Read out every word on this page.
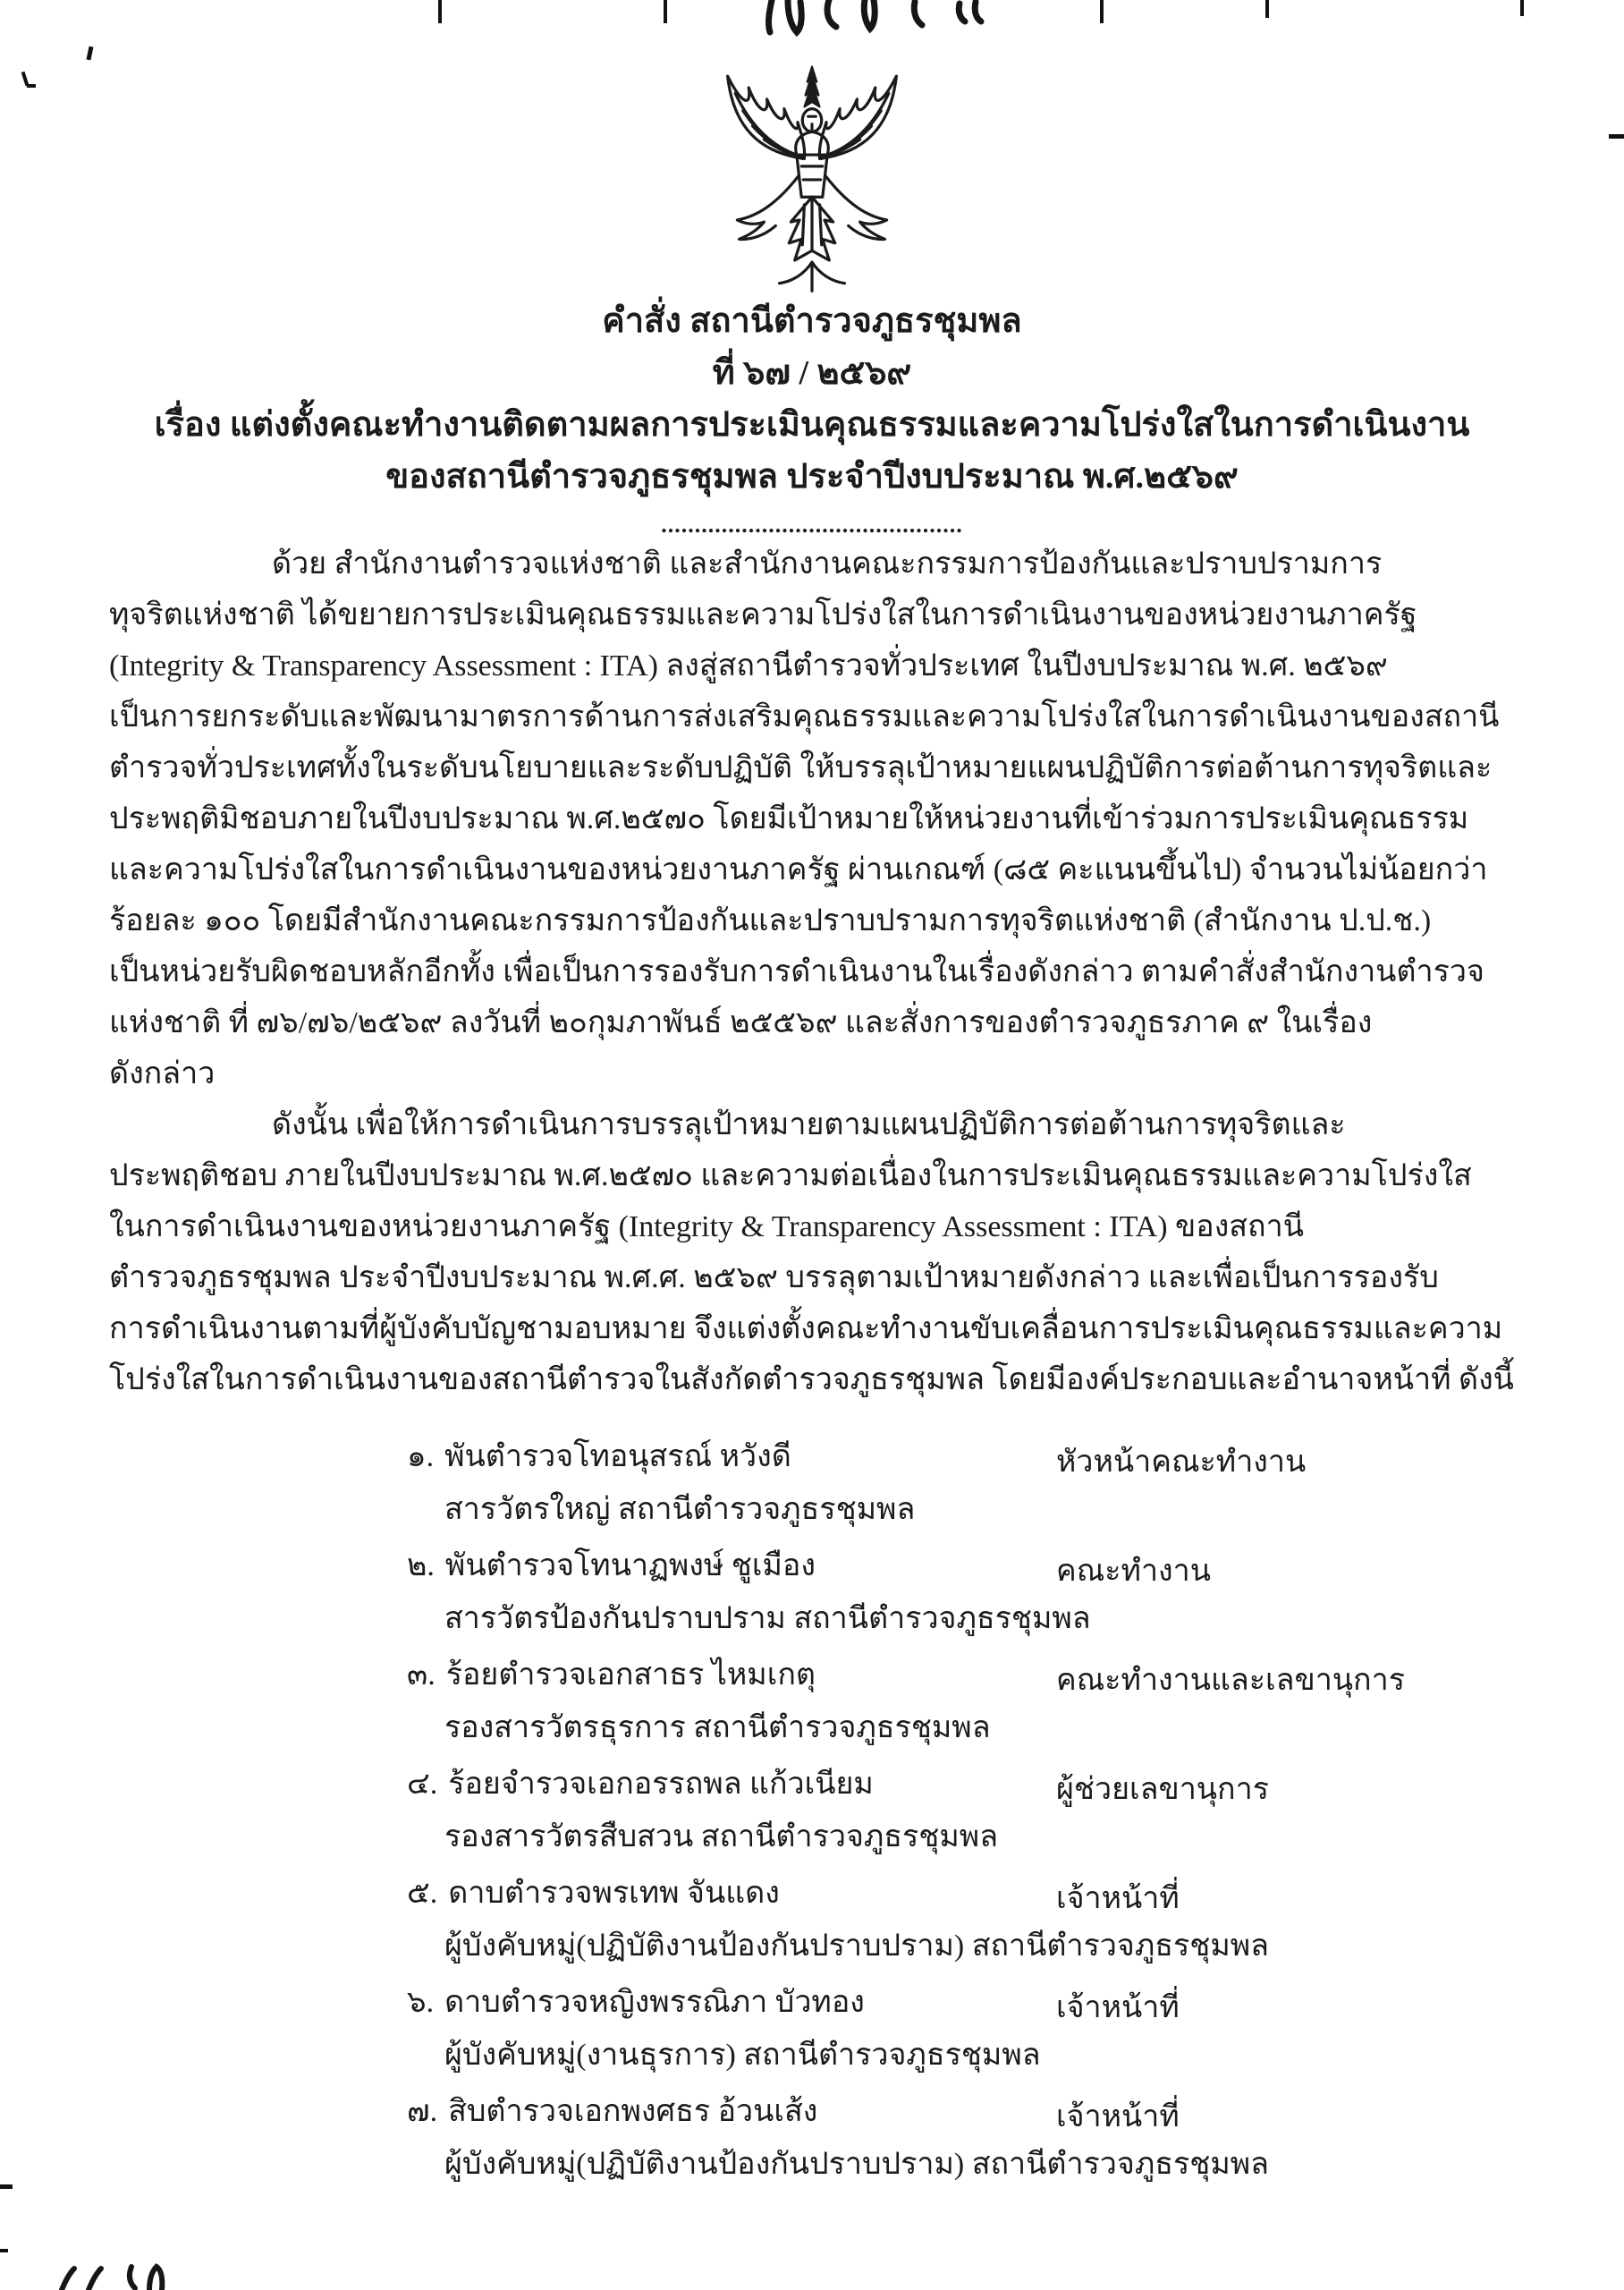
คำสั่ง สถานีตำรวจภูธรชุมพล
ที่ ๖๗ / ๒๕๖๙
เรื่อง แต่งตั้งคณะทำงานติดตามผลการประเมินคุณธรรมและความโปร่งใสในการดำเนินงาน
ของสถานีตำรวจภูธรชุมพล ประจำปีงบประมาณ พ.ศ.๒๕๖๙
.............................................
ด้วย สำนักงานตำรวจแห่งชาติ และสำนักงานคณะกรรมการป้องกันและปราบปรามการ
ทุจริตแห่งชาติ ได้ขยายการประเมินคุณธรรมและความโปร่งใสในการดำเนินงานของหน่วยงานภาครัฐ
(Integrity & Transparency Assessment : ITA) ลงสู่สถานีตำรวจทั่วประเทศ ในปีงบประมาณ พ.ศ. ๒๕๖๙
เป็นการยกระดับและพัฒนามาตรการด้านการส่งเสริมคุณธรรมและความโปร่งใสในการดำเนินงานของสถานี
ตำรวจทั่วประเทศทั้งในระดับนโยบายและระดับปฏิบัติ ให้บรรลุเป้าหมายแผนปฏิบัติการต่อต้านการทุจริตและ
ประพฤติมิชอบภายในปีงบประมาณ พ.ศ.๒๕๗๐ โดยมีเป้าหมายให้หน่วยงานที่เข้าร่วมการประเมินคุณธรรม
และความโปร่งใสในการดำเนินงานของหน่วยงานภาครัฐ ผ่านเกณฑ์ (๘๕ คะแนนขึ้นไป) จำนวนไม่น้อยกว่า
ร้อยละ ๑๐๐ โดยมีสำนักงานคณะกรรมการป้องกันและปราบปรามการทุจริตแห่งชาติ (สำนักงาน ป.ป.ช.)
เป็นหน่วยรับผิดชอบหลักอีกทั้ง เพื่อเป็นการรองรับการดำเนินงานในเรื่องดังกล่าว ตามคำสั่งสำนักงานตำรวจ
แห่งชาติ ที่ ๗๖/๗๖/๒๕๖๙ ลงวันที่ ๒๐กุมภาพันธ์ ๒๕๕๖๙ และสั่งการของตำรวจภูธรภาค ๙ ในเรื่อง
ดังกล่าว
ดังนั้น เพื่อให้การดำเนินการบรรลุเป้าหมายตามแผนปฏิบัติการต่อต้านการทุจริตและ
ประพฤติชอบ ภายในปีงบประมาณ พ.ศ.๒๕๗๐ และความต่อเนื่องในการประเมินคุณธรรมและความโปร่งใส
ในการดำเนินงานของหน่วยงานภาครัฐ (Integrity & Transparency Assessment : ITA) ของสถานี
ตำรวจภูธรชุมพล ประจำปีงบประมาณ พ.ศ.ศ. ๒๕๖๙ บรรลุตามเป้าหมายดังกล่าว และเพื่อเป็นการรองรับ
การดำเนินงานตามที่ผู้บังคับบัญชามอบหมาย จึงแต่งตั้งคณะทำงานขับเคลื่อนการประเมินคุณธรรมและความ
โปร่งใสในการดำเนินงานของสถานีตำรวจในสังกัดตำรวจภูธรชุมพล โดยมีองค์ประกอบและอำนาจหน้าที่ ดังนี้
๑. พันตำรวจโทอนุสรณ์ หวังดี	หัวหน้าคณะทำงาน
สารวัตรใหญ่ สถานีตำรวจภูธรชุมพล
๒. พันตำรวจโทนาฏพงษ์ ชูเมือง	คณะทำงาน
สารวัตรป้องกันปราบปราม สถานีตำรวจภูธรชุมพล
๓. ร้อยตำรวจเอกสาธร ไหมเกตุ	คณะทำงานและเลขานุการ
รองสารวัตรธุรการ สถานีตำรวจภูธรชุมพล
๔. ร้อยจำรวจเอกอรรถพล แก้วเนียม	ผู้ช่วยเลขานุการ
รองสารวัตรสืบสวน สถานีตำรวจภูธรชุมพล
๕. ดาบตำรวจพรเทพ จันแดง	เจ้าหน้าที่
ผู้บังคับหมู่(ปฏิบัติงานป้องกันปราบปราม) สถานีตำรวจภูธรชุมพล
๖. ดาบตำรวจหญิงพรรณิภา บัวทอง	เจ้าหน้าที่
ผู้บังคับหมู่(งานธุรการ) สถานีตำรวจภูธรชุมพล
๗. สิบตำรวจเอกพงศธร อ้วนเส้ง	เจ้าหน้าที่
ผู้บังคับหมู่(ปฏิบัติงานป้องกันปราบปราม) สถานีตำรวจภูธรชุมพล
